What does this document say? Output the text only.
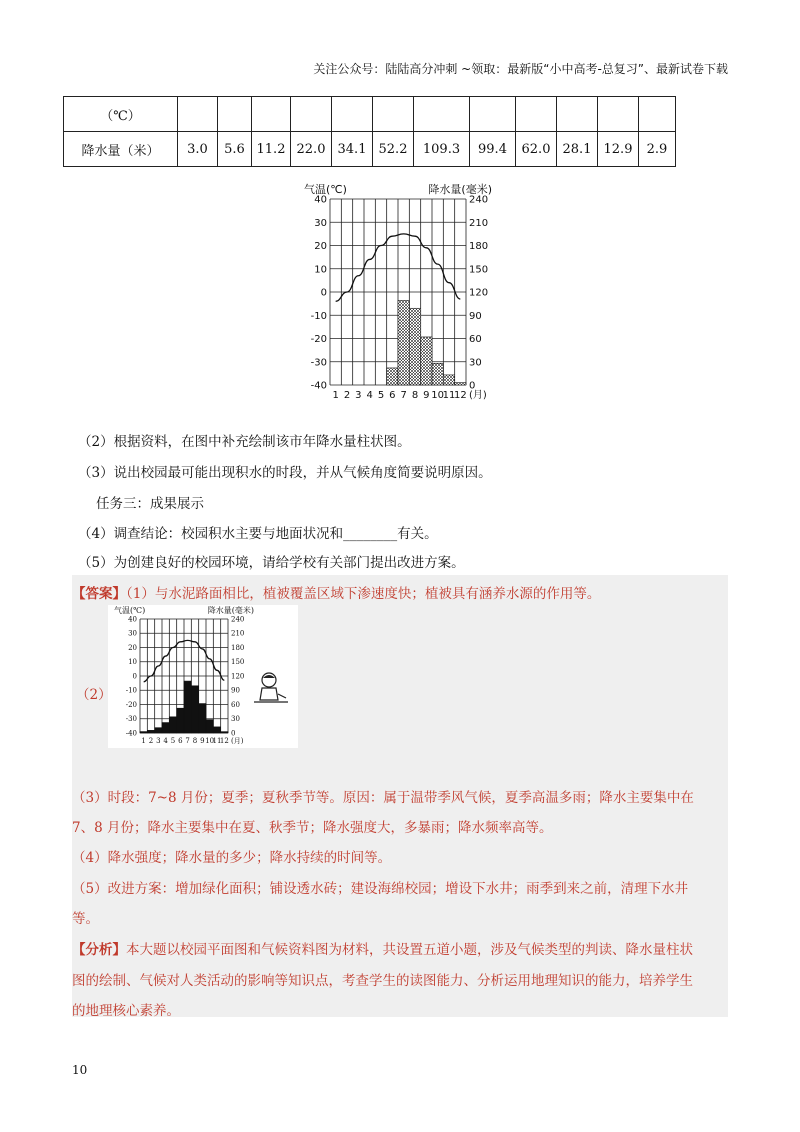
关注公众号：陆陆高分冲刺 ~领取：最新版“小中高考-总复习”、最新试卷下载
（℃）												
降水量（米）	3.0	5.6	11.2	22.0	34.1	52.2	109.3	99.4	62.0	28.1	12.9	2.9
40
30
20
10
0
-10
-20
-30
-40
240
210
180
150
120
90
60
30
0
1 2 3 4 5 6 7 8 9 10
11
12 (月)
气温(℃)	降水量(毫米)
（2）根据资料，在图中补充绘制该市年降水量柱状图。
（3）说出校园最可能出现积水的时段，并从气候角度简要说明原因。
任务三：成果展示
（4）调查结论：校园积水主要与地面状况和________有关。
（5）为创建良好的校园环境，请给学校有关部门提出改进方案。
【答案】（1）与水泥路面相比，植被覆盖区域下渗速度快；植被具有涵养水源的作用等。
（2）
40
30
20
10
0
-10
-20
-30
-40
240
210
180
150
120
90
60
30
0
1 2 3 4 5 6 7 8 9 10
11
12 (月)
气温(℃)	降水量(毫米)
（3）时段：7~8 月份；夏季；夏秋季节等。原因：属于温带季风气候，夏季高温多雨；降水主要集中在
7、8 月份；降水主要集中在夏、秋季节；降水强度大，多暴雨；降水频率高等。
（4）降水强度；降水量的多少；降水持续的时间等。
（5）改进方案：增加绿化面积；铺设透水砖；建设海绵校园；增设下水井；雨季到来之前，清理下水井
等。
【分析】本大题以校园平面图和气候资料图为材料，共设置五道小题，涉及气候类型的判读、降水量柱状
图的绘制、气候对人类活动的影响等知识点，考查学生的读图能力、分析运用地理知识的能力，培养学生
的地理核心素养。
10
